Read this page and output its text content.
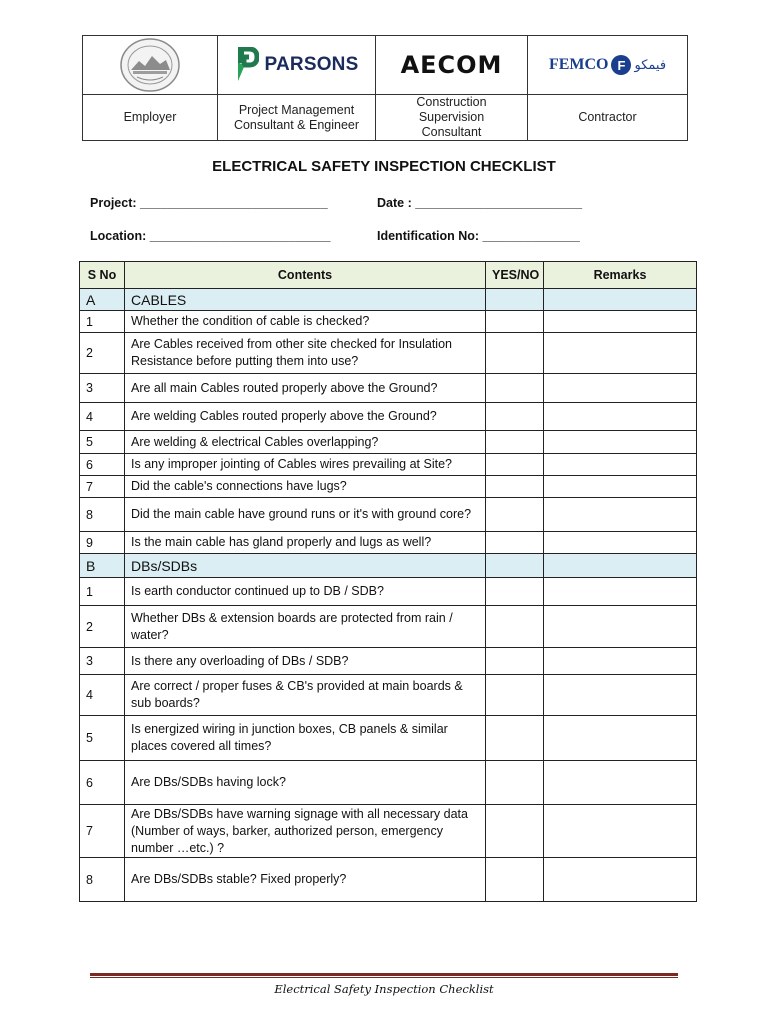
PARSONS	AECOM	FEMCO F فيمكو

Employer	Project Management Consultant & Engineer	Construction Supervision Consultant	Contractor
ELECTRICAL SAFETY INSPECTION CHECKLIST
Project: ___________________________	Date : ________________________
Location: __________________________	Identification No: ______________
S No	Contents	YES/NO	Remarks
A	CABLES		
1	Whether the condition of cable is checked?		
2	Are Cables received from other site checked for Insulation Resistance before putting them into use?		
3	Are all main Cables routed properly above the Ground?		
4	Are welding Cables routed properly above the Ground?		
5	Are welding & electrical Cables overlapping?		
6	Is any improper jointing of Cables wires prevailing at Site?		
7	Did the cable's connections have lugs?		
8	Did the main cable have ground runs or it's with ground core?		
9	Is the main cable has gland properly and lugs as well?		
B	DBs/SDBs		
1	Is earth conductor continued up to DB / SDB?		
2	Whether DBs & extension boards are protected from rain / water?		
3	Is there any overloading of DBs / SDB?		
4	Are correct / proper fuses & CB's provided at main boards & sub boards?		
5	Is energized wiring in junction boxes, CB panels & similar places covered all times?		
6	Are DBs/SDBs having lock?		
7	Are DBs/SDBs have warning signage with all necessary data (Number of ways, barker, authorized person, emergency number …etc.) ?		
8	Are DBs/SDBs stable? Fixed properly?		
Electrical Safety Inspection Checklist
